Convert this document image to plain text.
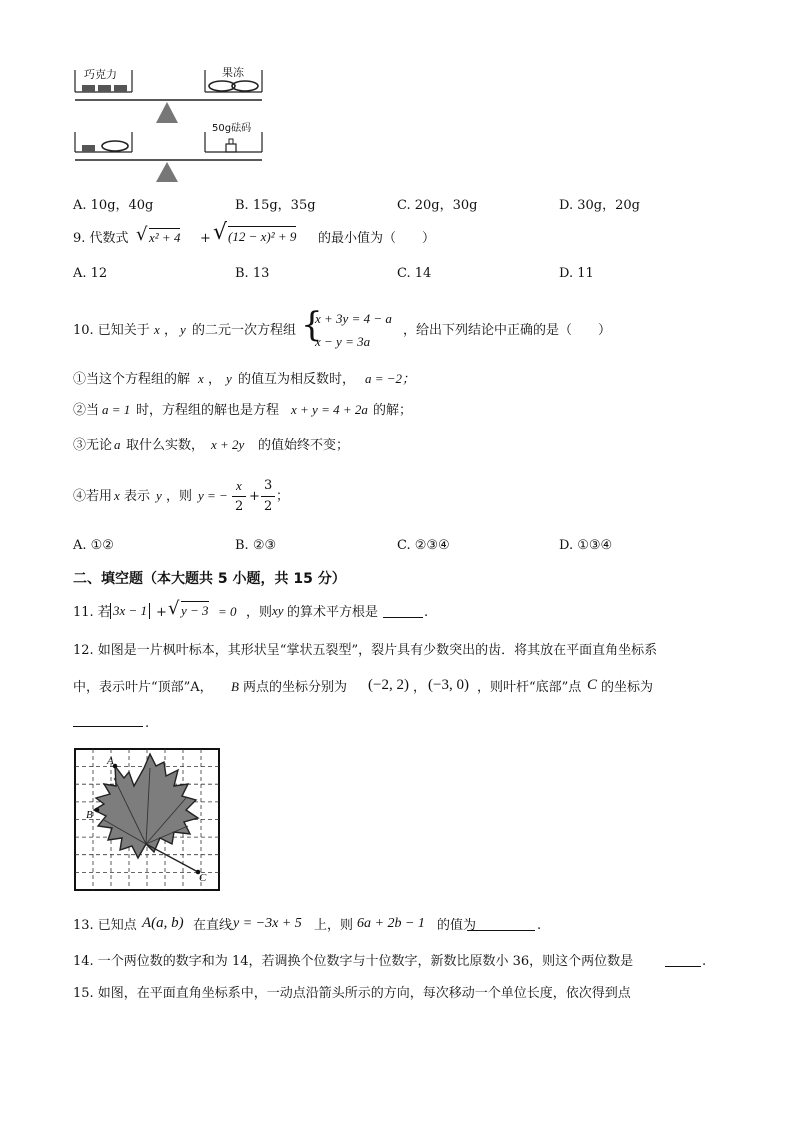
巧克力	果冻
50g砝码
A. 10g，40g	B. 15g，35g	C. 20g，30g	D. 30g，20g
9. 代数式 √ x² + 4 + √ (12 − x)² + 9 的最小值为（　　）
A. 12	B. 13	C. 14	D. 11
10. 已知关于 x ， y 的二元一次方程组 {
x + 3y = 4 − a
x − y = 3a
，给出下列结论中正确的是（　　）
①当这个方程组的解 x ， y 的值互为相反数时， a = −2；
②当 a = 1 时，方程组的解也是方程 x + y = 4 + 2a 的解；
③无论 a 取什么实数， x + 2y 的值始终不变；
④若用 x 表示 y ，则 y = −
x
2
+
3
2
；
A. ①②	B. ②③	C. ②③④	D. ①③④
二、填空题（本大题共 5 小题，共 15 分）
11. 若 3x − 1 + √ y − 3 = 0 ，则 xy 的算术平方根是	.
12. 如图是一片枫叶标本，其形状呈“掌状五裂型”，裂片具有少数突出的齿．将其放在平面直角坐标系
中，表示叶片“顶部”A， B 两点的坐标分别为 (−2, 2) ， (−3, 0) ，则叶杆“底部”点 C 的坐标为
.
A
B
C
13. 已知点 A(a, b) 在直线 y = −3x + 5 上，则 6a + 2b − 1 的值为	.
14. 一个两位数的数字和为 14，若调换个位数字与十位数字，新数比原数小 36，则这个两位数是	.
15. 如图，在平面直角坐标系中，一动点沿箭头所示的方向，每次移动一个单位长度，依次得到点
